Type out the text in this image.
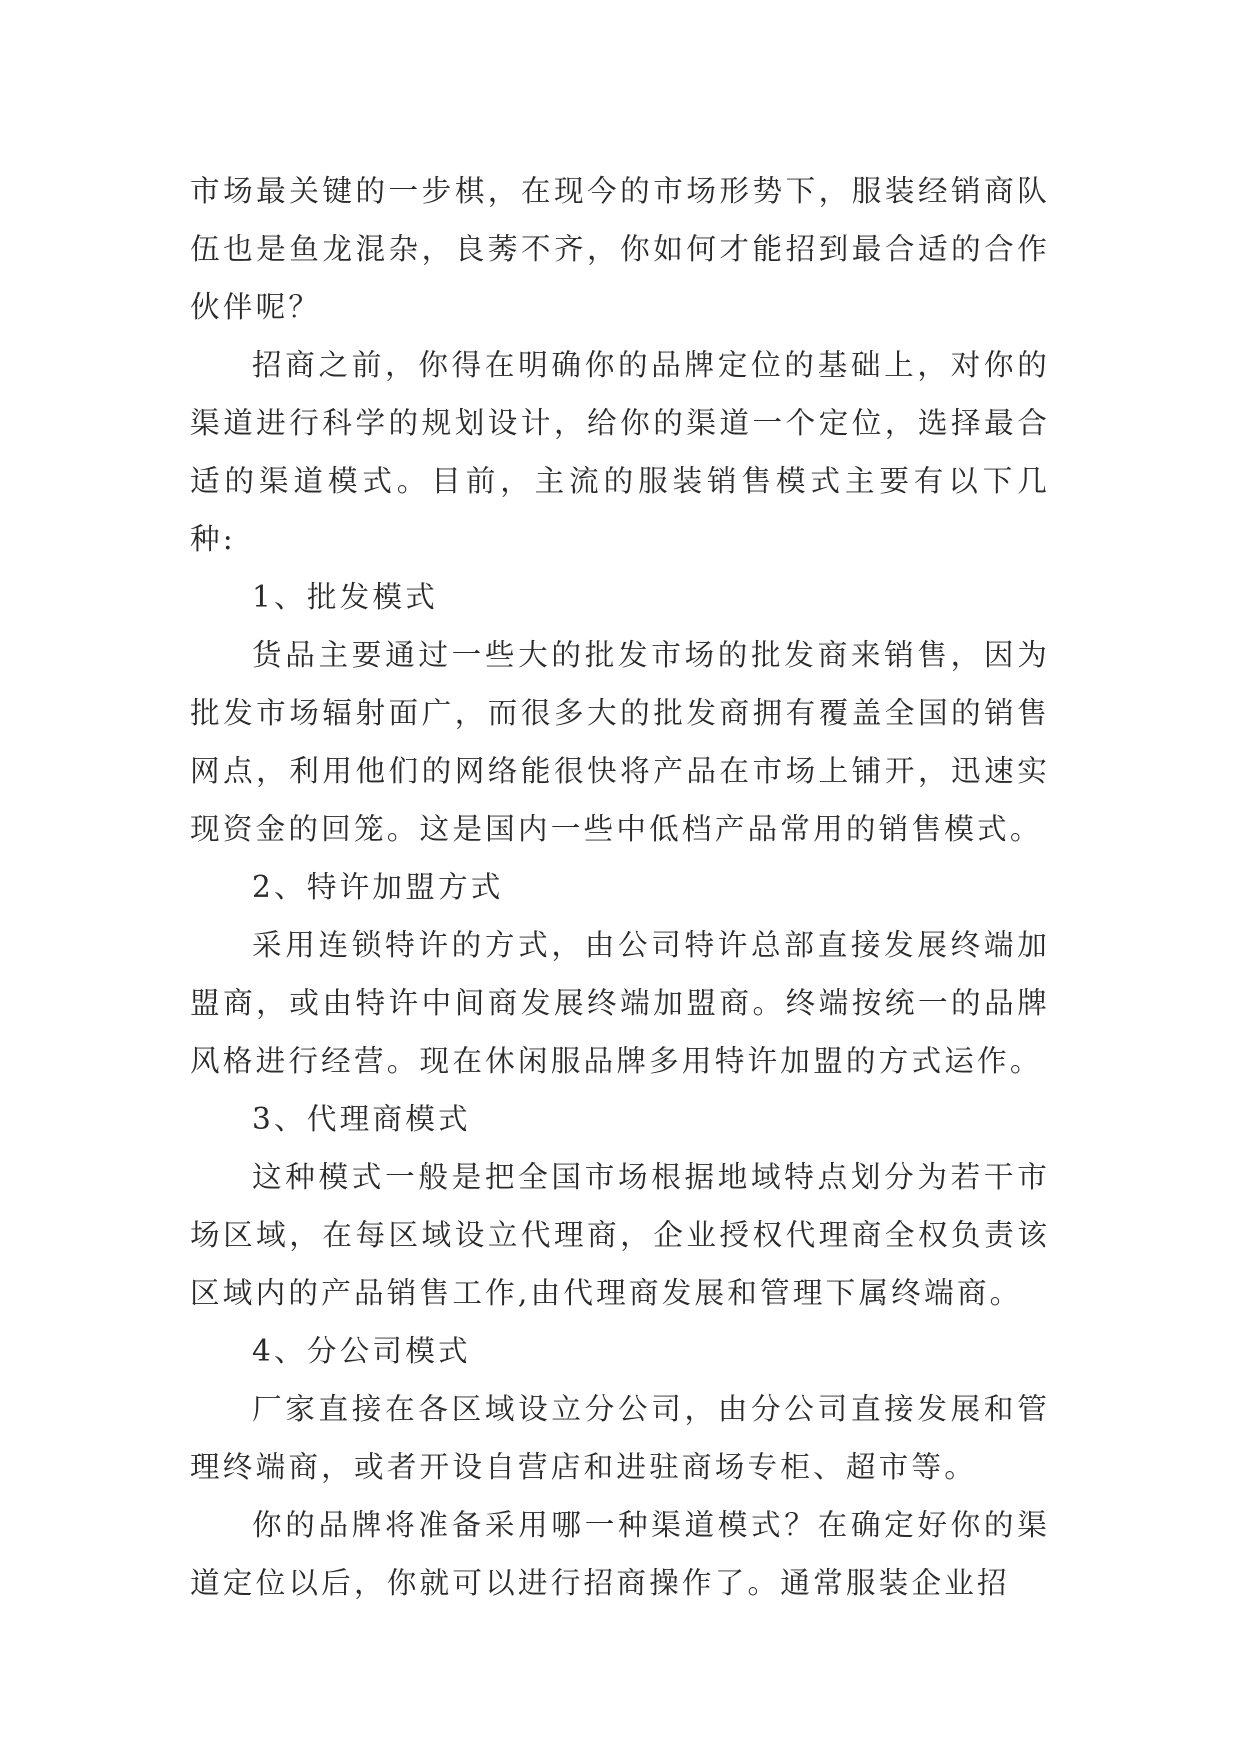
市场最关键的一步棋，在现今的市场形势下，服装经销商队伍也是鱼龙混杂，良莠不齐，你如何才能招到最合适的合作伙伴呢？

招商之前，你得在明确你的品牌定位的基础上，对你的渠道进行科学的规划设计，给你的渠道一个定位，选择最合适的渠道模式。目前，主流的服装销售模式主要有以下几种:

1、批发模式

货品主要通过一些大的批发市场的批发商来销售，因为批发市场辐射面广，而很多大的批发商拥有覆盖全国的销售网点，利用他们的网络能很快将产品在市场上铺开，迅速实现资金的回笼。这是国内一些中低档产品常用的销售模式。

2、特许加盟方式

采用连锁特许的方式，由公司特许总部直接发展终端加盟商，或由特许中间商发展终端加盟商。终端按统一的品牌风格进行经营。现在休闲服品牌多用特许加盟的方式运作。

3、代理商模式

这种模式一般是把全国市场根据地域特点划分为若干市场区域，在每区域设立代理商，企业授权代理商全权负责该区域内的产品销售工作,由代理商发展和管理下属终端商。

4、分公司模式

厂家直接在各区域设立分公司，由分公司直接发展和管理终端商，或者开设自营店和进驻商场专柜、超市等。

你的品牌将准备采用哪一种渠道模式？在确定好你的渠道定位以后，你就可以进行招商操作了。通常服装企业招
